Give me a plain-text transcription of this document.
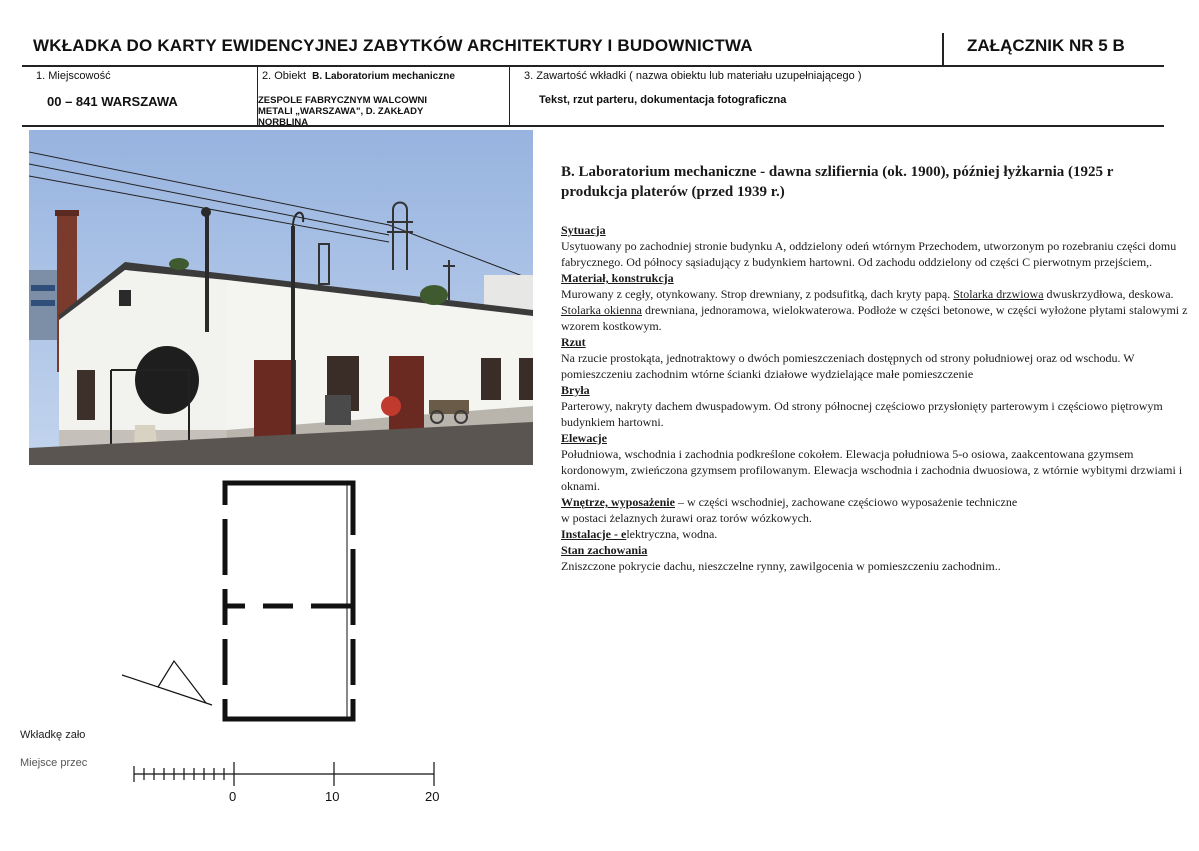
WKŁADKA DO KARTY EWIDENCYJNEJ ZABYTKÓW ARCHITEKTURY I BUDOWNICTWA	ZAŁĄCZNIK NR 5 B
1. Miejscowość
00 – 841 WARSZAWA
2. Obiekt B. Laboratorium mechaniczne
ZESPOLE FABRYCZNYM WALCOWNI
METALI „WARSZAWA", D. ZAKŁADY
NORBLINA
3. Zawartość wkładki ( nazwa obiektu lub materiału uzupełniającego )
Tekst, rzut parteru, dokumentacja fotograficzna
B. Laboratorium mechaniczne - dawna szlifiernia (ok. 1900), później łyżkarnia (1925 r
produkcja platerów (przed 1939 r.)
Sytuacja

Usytuowany po zachodniej stronie budynku A, oddzielony odeń wtórnym Przechodem, utworzonym po rozebraniu części domu fabrycznego. Od północy sąsiadujący z budynkiem hartowni. Od zachodu oddzielony od części C pierwotnym przejściem,.

Materiał, konstrukcja

Murowany z cegły, otynkowany. Strop drewniany, z podsufitką, dach kryty papą. Stolarka drzwiowa dwuskrzydłowa, deskowa. Stolarka okienna drewniana, jednoramowa, wielokwaterowa. Podłoże w części betonowe, w części wyłożone płytami stalowymi z wzorem kostkowym.

Rzut

Na rzucie prostokąta, jednotraktowy o dwóch pomieszczeniach dostępnych od strony południowej oraz od wschodu. W pomieszczeniu zachodnim wtórne ścianki działowe wydzielające małe pomieszczenie

Bryła

Parterowy, nakryty dachem dwuspadowym. Od strony północnej częściowo przysłonięty parterowym i częściowo piętrowym budynkiem hartowni.

Elewacje

Południowa, wschodnia i zachodnia podkreślone cokołem. Elewacja południowa 5-o osiowa, zaakcentowana gzymsem kordonowym, zwieńczona gzymsem profilowanym. Elewacja wschodnia i zachodnia dwuosiowa, z wtórnie wybitymi drzwiami i oknami.

Wnętrze, wyposażenie – w części wschodniej, zachowane częściowo wyposażenie techniczne

w postaci żelaznych żurawi oraz torów wózkowych.

Instalacje - elektryczna, wodna.

Stan zachowania

Zniszczone pokrycie dachu, nieszczelne rynny, zawilgocenia w pomieszczeniu zachodnim..

Wkładkę zało
Miejsce przec
0	10	20
